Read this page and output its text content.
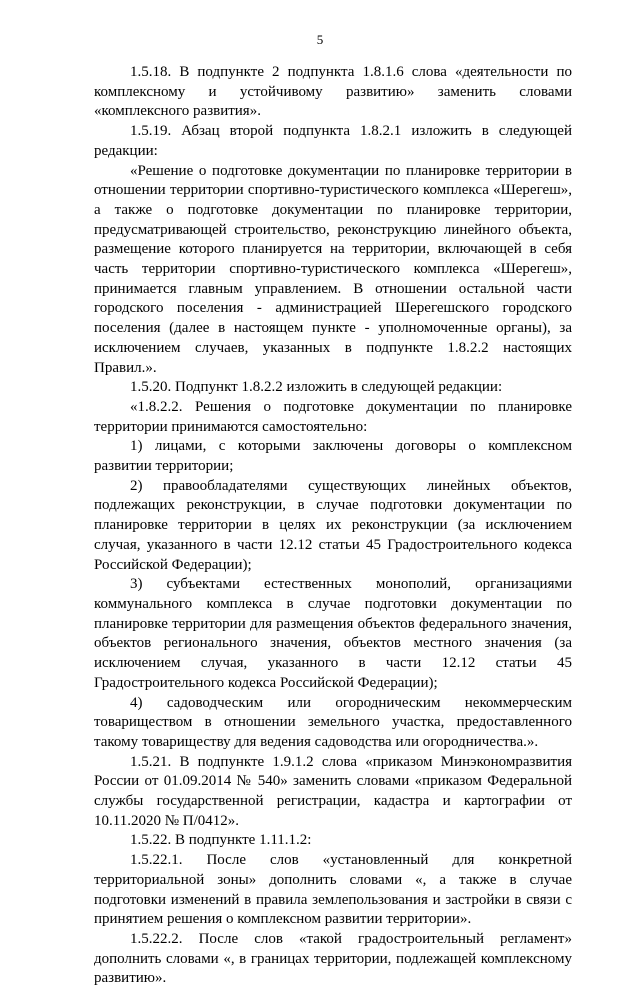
5

1.5.18. В подпункте 2 подпункта 1.8.1.6 слова «деятельности по комплексному и устойчивому развитию» заменить словами «комплексного развития».

1.5.19. Абзац второй подпункта 1.8.2.1 изложить в следующей редакции:

«Решение о подготовке документации по планировке территории в отношении территории спортивно-туристического комплекса «Шерегеш», а также о подготовке документации по планировке территории, предусматривающей строительство, реконструкцию линейного объекта, размещение которого планируется на территории, включающей в себя часть территории спортивно-туристического комплекса «Шерегеш», принимается главным управлением. В отношении остальной части городского поселения - администрацией Шерегешского городского поселения (далее в настоящем пункте - уполномоченные органы), за исключением случаев, указанных в подпункте 1.8.2.2 настоящих Правил.».

1.5.20. Подпункт 1.8.2.2 изложить в следующей редакции:

«1.8.2.2. Решения о подготовке документации по планировке территории принимаются самостоятельно:

1) лицами, с которыми заключены договоры о комплексном развитии территории;

2) правообладателями существующих линейных объектов, подлежащих реконструкции, в случае подготовки документации по планировке территории в целях их реконструкции (за исключением случая, указанного в части 12.12 статьи 45 Градостроительного кодекса Российской Федерации);

3) субъектами естественных монополий, организациями коммунального комплекса в случае подготовки документации по планировке территории для размещения объектов федерального значения, объектов регионального значения, объектов местного значения (за исключением случая, указанного в части 12.12 статьи 45 Градостроительного кодекса Российской Федерации);

4) садоводческим или огородническим некоммерческим товариществом в отношении земельного участка, предоставленного такому товариществу для ведения садоводства или огородничества.».

1.5.21. В подпункте 1.9.1.2 слова «приказом Минэкономразвития России от 01.09.2014 № 540» заменить словами «приказом Федеральной службы государственной регистрации, кадастра и картографии от 10.11.2020 № П/0412».

1.5.22. В подпункте 1.11.1.2:

1.5.22.1. После слов «установленный для конкретной территориальной зоны» дополнить словами «, а также в случае подготовки изменений в правила землепользования и застройки в связи с принятием решения о комплексном развитии территории».

1.5.22.2. После слов «такой градостроительный регламент» дополнить словами «, в границах территории, подлежащей комплексному развитию».
